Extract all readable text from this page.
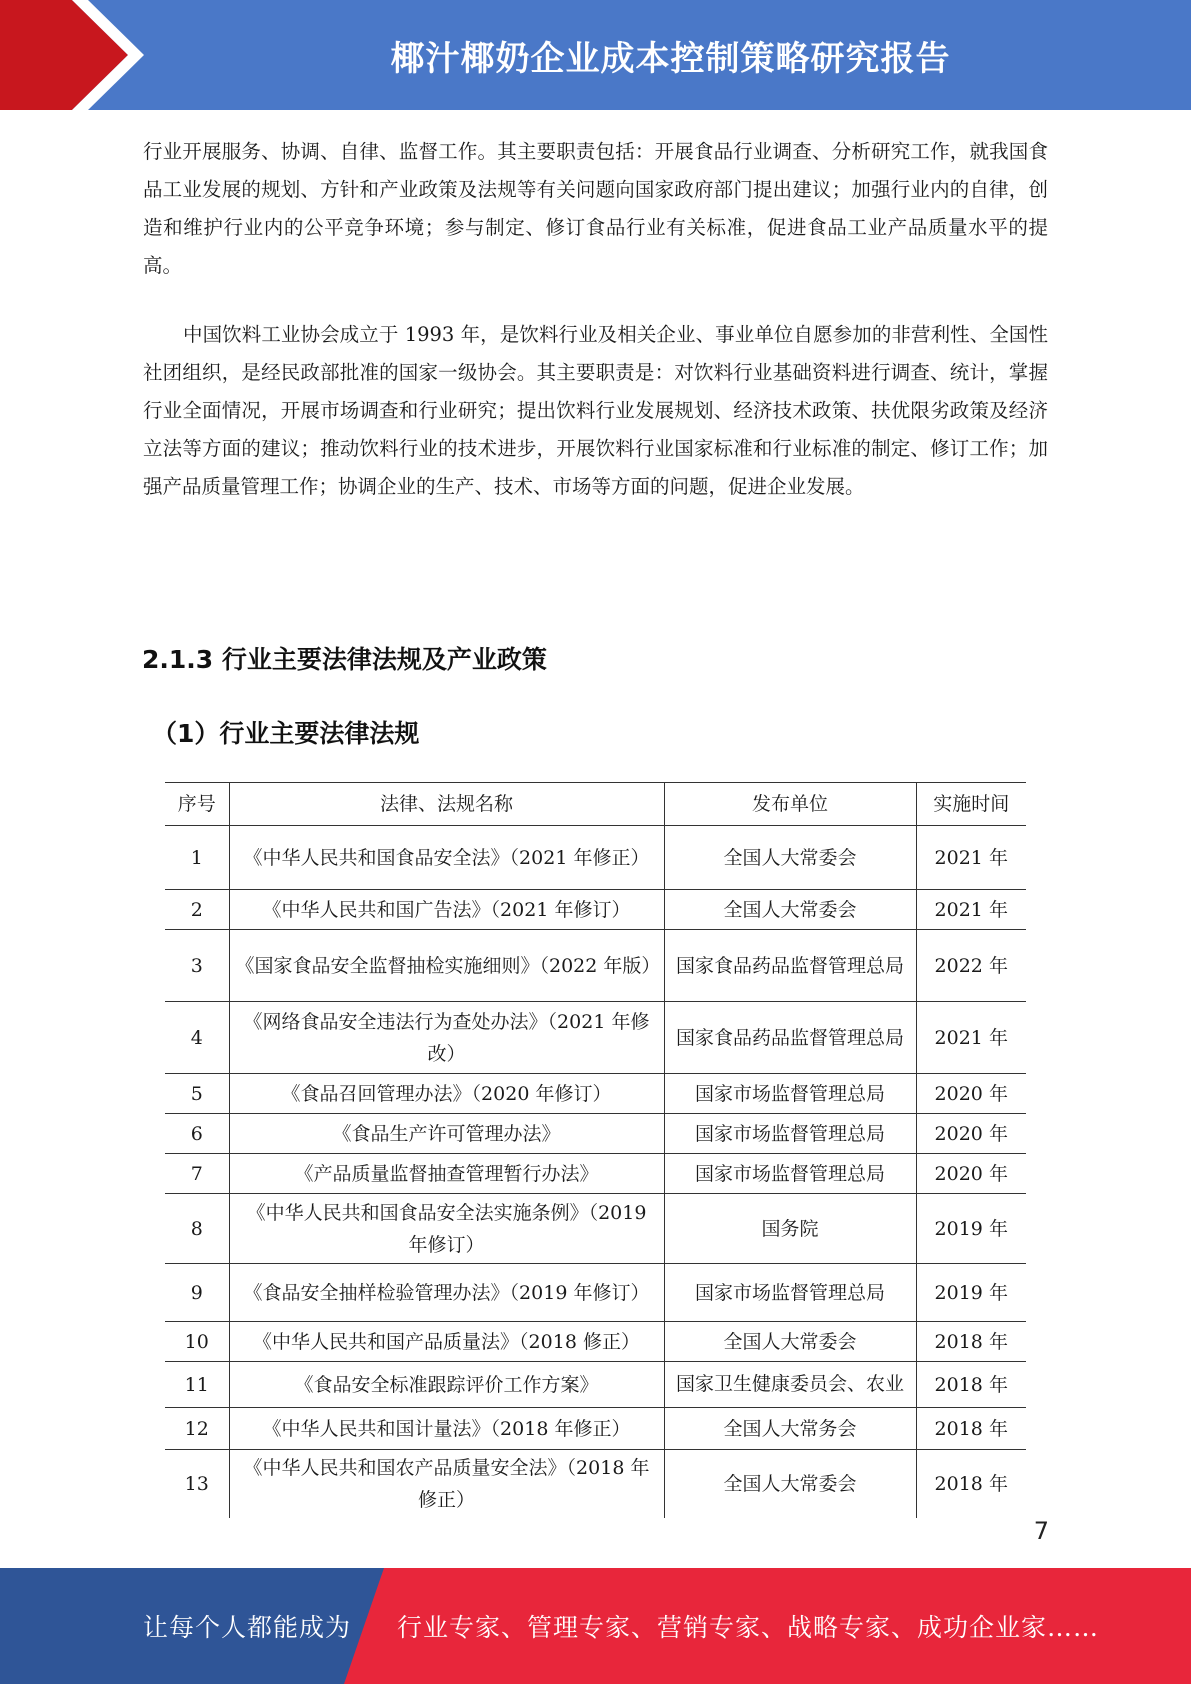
椰汁椰奶企业成本控制策略研究报告

行业开展服务、协调、自律、监督工作。其主要职责包括：开展食品行业调查、分析研究工作，就我国食品工业发展的规划、方针和产业政策及法规等有关问题向国家政府部门提出建议；加强行业内的自律，创造和维护行业内的公平竞争环境；参与制定、修订食品行业有关标准，促进食品工业产品质量水平的提高。

中国饮料工业协会成立于 1993 年，是饮料行业及相关企业、事业单位自愿参加的非营利性、全国性社团组织，是经民政部批准的国家一级协会。其主要职责是：对饮料行业基础资料进行调查、统计，掌握行业全面情况，开展市场调查和行业研究；提出饮料行业发展规划、经济技术政策、扶优限劣政策及经济立法等方面的建议；推动饮料行业的技术进步，开展饮料行业国家标准和行业标准的制定、修订工作；加强产品质量管理工作；协调企业的生产、技术、市场等方面的问题，促进企业发展。

2.1.3 行业主要法律法规及产业政策
（1）行业主要法律法规
序号	法律、法规名称	发布单位	实施时间
1	《中华人民共和国食品安全法》（2021 年修正）	全国人大常委会	2021 年
2	《中华人民共和国广告法》（2021 年修订）	全国人大常委会	2021 年
3	《国家食品安全监督抽检实施细则》（2022 年版）	国家食品药品监督管理总局	2022 年
4	《网络食品安全违法行为查处办法》（2021 年修改）	国家食品药品监督管理总局	2021 年
5	《食品召回管理办法》（2020 年修订）	国家市场监督管理总局	2020 年
6	《食品生产许可管理办法》	国家市场监督管理总局	2020 年
7	《产品质量监督抽查管理暂行办法》	国家市场监督管理总局	2020 年
8	《中华人民共和国食品安全法实施条例》（2019 年修订）	国务院	2019 年
9	《食品安全抽样检验管理办法》（2019 年修订）	国家市场监督管理总局	2019 年
10	《中华人民共和国产品质量法》（2018 修正）	全国人大常委会	2018 年
11	《食品安全标准跟踪评价工作方案》	国家卫生健康委员会、农业	2018 年
12	《中华人民共和国计量法》（2018 年修正）	全国人大常务会	2018 年
13	《中华人民共和国农产品质量安全法》（2018 年修正）	全国人大常委会	2018 年
7
让每个人都能成为 行业专家、管理专家、营销专家、战略专家、成功企业家……
